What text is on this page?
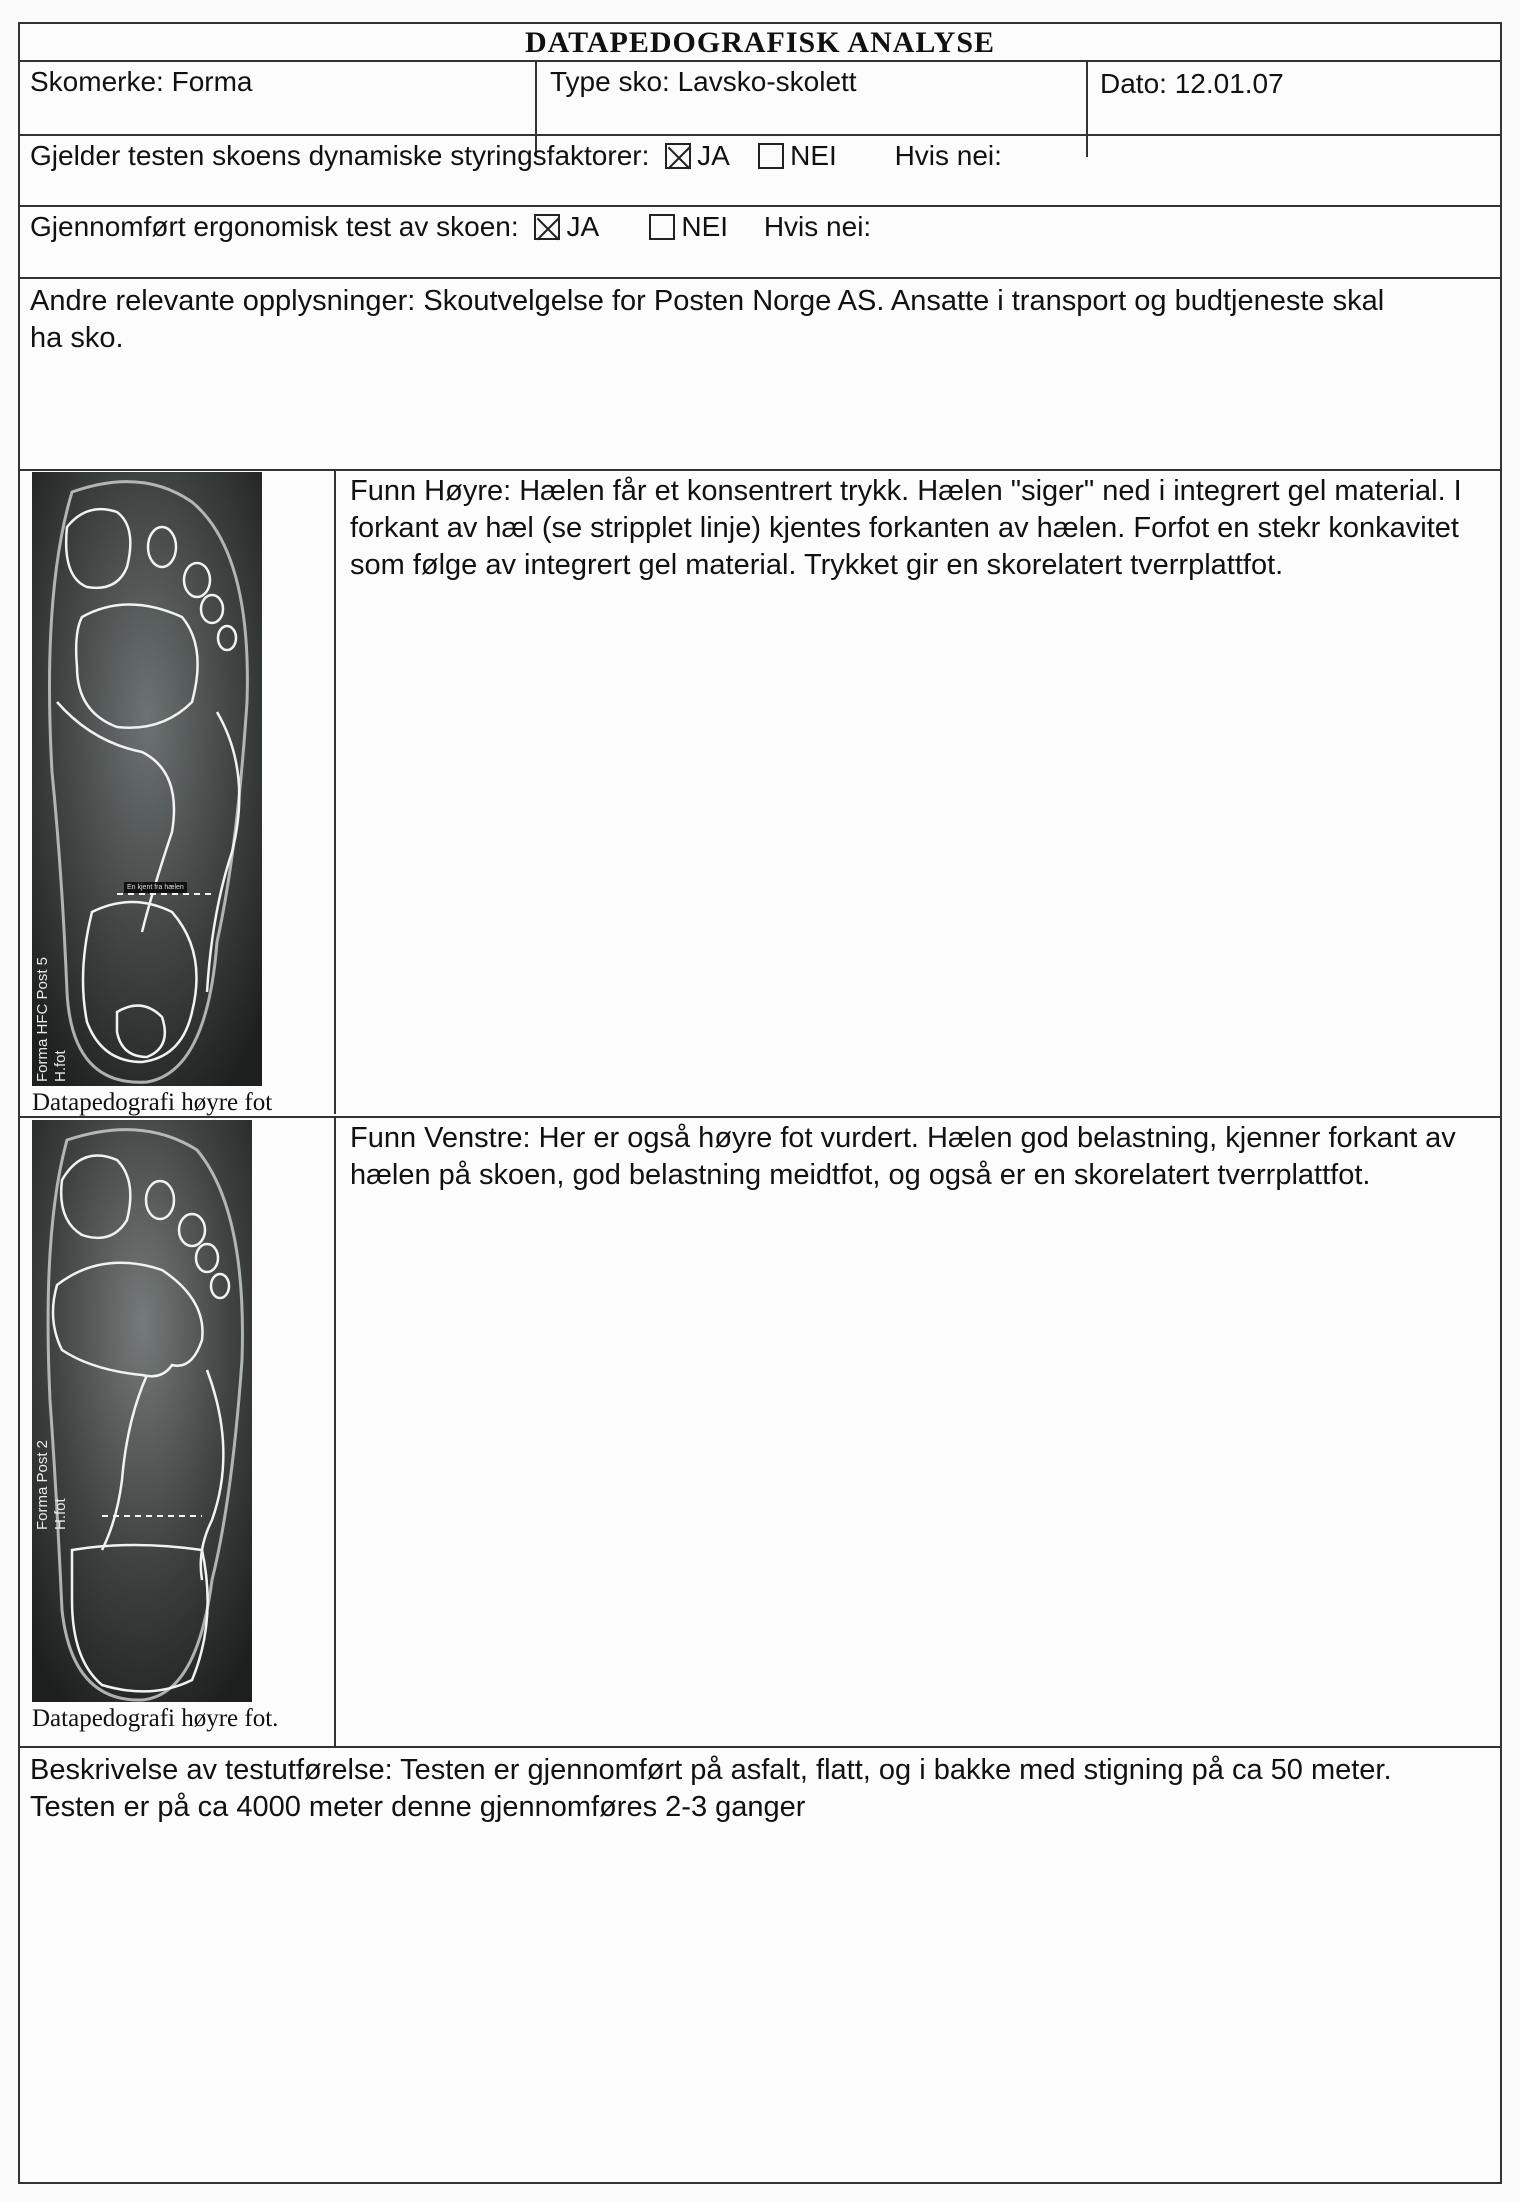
DATAPEDOGRAFISK ANALYSE
Skomerke: Forma	Type sko: Lavsko-skolett	Dato: 12.01.07
Gjelder testen skoens dynamiske styringsfaktorer: JA NEI Hvis nei:
Gjennomført ergonomisk test av skoen: JA	NEI Hvis nei:
Andre relevante opplysninger: Skoutvelgelse for Posten Norge AS. Ansatte i transport og budtjeneste skal ha sko.
En kjent fra hælen
Forma HFC Post 5 H.fot
Datapedografi høyre fot
Funn Høyre: Hælen får et konsentrert trykk. Hælen "siger" ned i integrert gel material. I forkant av hæl (se stripplet linje) kjentes forkanten av hælen. Forfot en stekr konkavitet som følge av integrert gel material. Trykket gir en skorelatert tverrplattfot.
Forma Post 2 H.fot
Datapedografi høyre fot.
Funn Venstre: Her er også høyre fot vurdert. Hælen god belastning, kjenner forkant av hælen på skoen, god belastning meidtfot, og også er en skorelatert tverrplattfot.
Beskrivelse av testutførelse: Testen er gjennomført på asfalt, flatt, og i bakke med stigning på ca 50 meter. Testen er på ca 4000 meter denne gjennomføres 2-3 ganger
